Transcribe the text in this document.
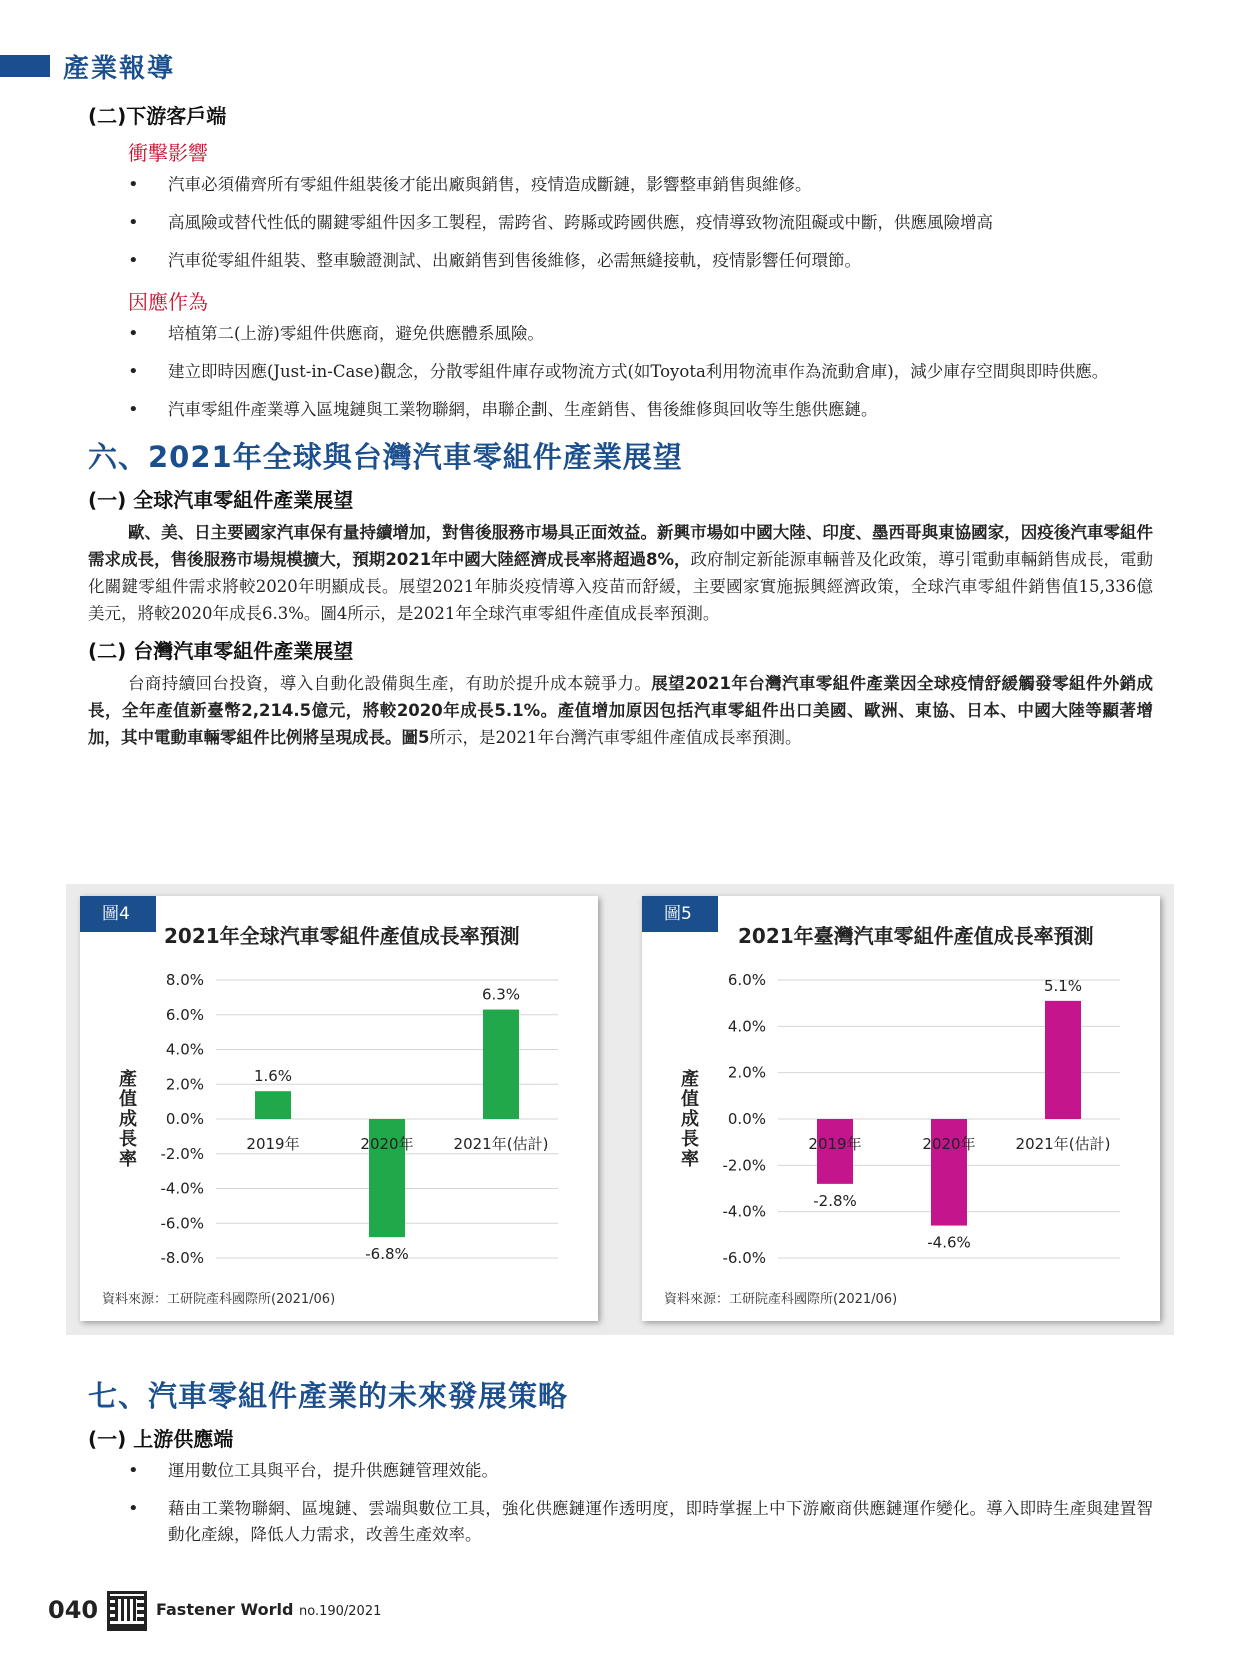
產業報導
(二)下游客戶端
衝擊影響
• 汽車必須備齊所有零組件組裝後才能出廠與銷售，疫情造成斷鏈，影響整車銷售與維修。
• 高風險或替代性低的關鍵零組件因多工製程，需跨省、跨縣或跨國供應，疫情導致物流阻礙或中斷，供應風險增高
• 汽車從零組件組裝、整車驗證測試、出廠銷售到售後維修，必需無縫接軌，疫情影響任何環節。
因應作為
• 培植第二(上游)零組件供應商，避免供應體系風險。
• 建立即時因應(Just-in-Case)觀念，分散零組件庫存或物流方式(如Toyota利用物流車作為流動倉庫)，減少庫存空間與即時供應。
• 汽車零組件產業導入區塊鏈與工業物聯網，串聯企劃、生產銷售、售後維修與回收等生態供應鏈。
六、2021年全球與台灣汽車零組件產業展望
(一) 全球汽車零組件產業展望

歐、美、日主要國家汽車保有量持續增加，對售後服務市場具正面效益。新興市場如中國大陸、印度、墨西哥與東協國家，因疫後汽車零組件需求成長，售後服務市場規模擴大，預期2021年中國大陸經濟成長率將超過8%，政府制定新能源車輛普及化政策，導引電動車輛銷售成長，電動化關鍵零組件需求將較2020年明顯成長。展望2021年肺炎疫情導入疫苗而舒緩，主要國家實施振興經濟政策，全球汽車零組件銷售值15,336億美元，將較2020年成長6.3%。圖4所示，是2021年全球汽車零組件產值成長率預測。

(二) 台灣汽車零組件產業展望

台商持續回台投資，導入自動化設備與生產，有助於提升成本競爭力。展望2021年台灣汽車零組件產業因全球疫情舒緩觸發零組件外銷成長，全年產值新臺幣2,214.5億元，將較2020年成長5.1%。產值增加原因包括汽車零組件出口美國、歐洲、東協、日本、中國大陸等顯著增加，其中電動車輛零組件比例將呈現成長。圖5所示，是2021年台灣汽車零組件產值成長率預測。

8.0%
6.0%
4.0%
2.0%
0.0%
-2.0%
-4.0%
-6.0%
-8.0%
產
值
成
長
率
1.6%
2019年
-6.8%
2020年
6.3%
2021年(估計)
圖4
2021年全球汽車零組件產值成長率預測
資料來源：工研院產科國際所(2021/06)
6.0%
4.0%
2.0%
0.0%
-2.0%
-4.0%
-6.0%
產
值
成
長
率
-2.8%
2019年
-4.6%
2020年
5.1%
2021年(估計)
圖5
2021年臺灣汽車零組件產值成長率預測
資料來源：工研院產科國際所(2021/06)
七、汽車零組件產業的未來發展策略
(一) 上游供應端
• 運用數位工具與平台，提升供應鏈管理效能。
• 藉由工業物聯網、區塊鏈、雲端與數位工具，強化供應鏈運作透明度，即時掌握上中下游廠商供應鏈運作變化。導入即時生產與建置智動化產線，降低人力需求，改善生產效率。
040	Fastener World no.190/2021
